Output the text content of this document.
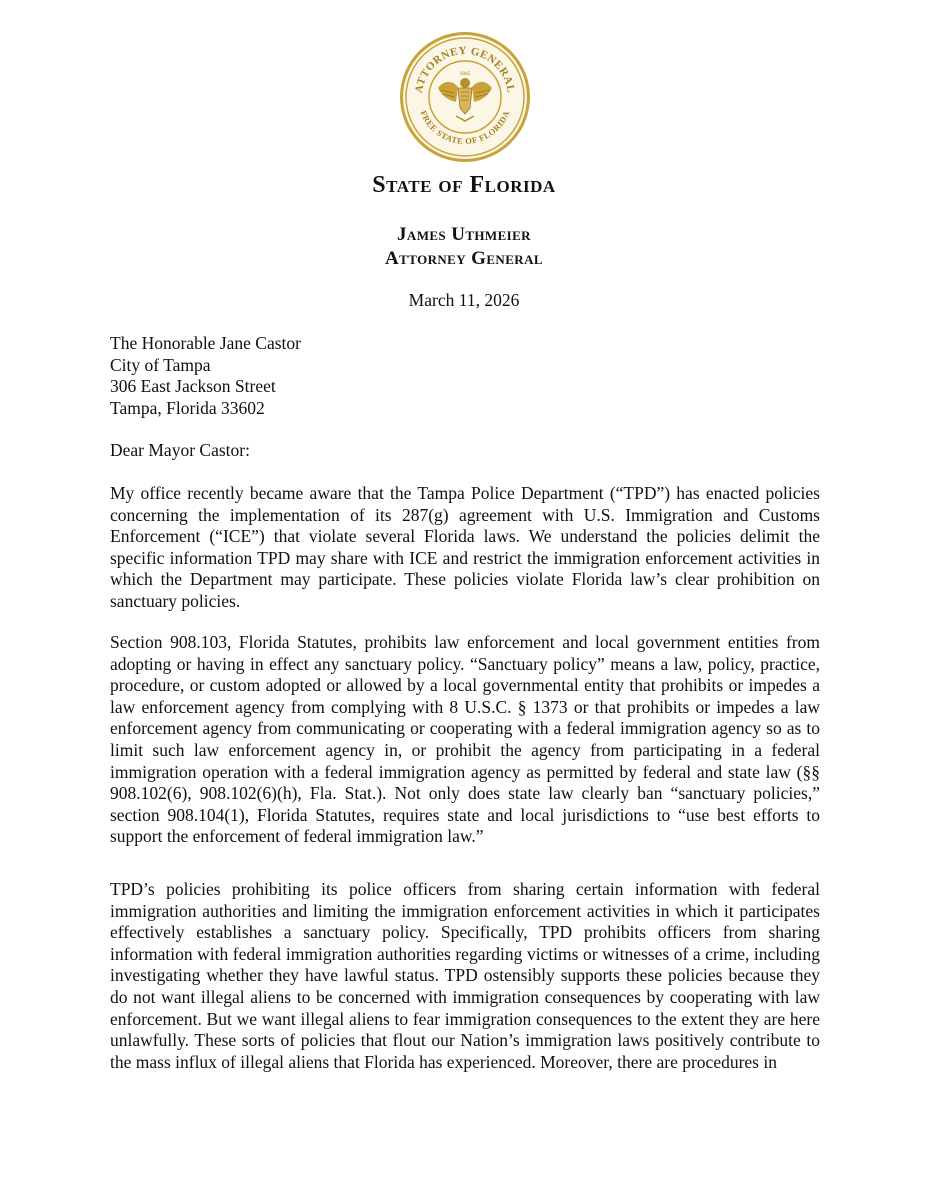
ATTORNEY GENERAL
FREE STATE OF FLORIDA
1845
State of Florida
James Uthmeier
Attorney General
March 11, 2026
The Honorable Jane Castor
City of Tampa
306 East Jackson Street
Tampa, Florida 33602
Dear Mayor Castor:
My office recently became aware that the Tampa Police Department (“TPD”) has enacted policies concerning the implementation of its 287(g) agreement with U.S. Immigration and Customs Enforcement (“ICE”) that violate several Florida laws. We understand the policies delimit the specific information TPD may share with ICE and restrict the immigration enforcement activities in which the Department may participate. These policies violate Florida law’s clear prohibition on sanctuary policies.
Section 908.103, Florida Statutes, prohibits law enforcement and local government entities from adopting or having in effect any sanctuary policy. “Sanctuary policy” means a law, policy, practice, procedure, or custom adopted or allowed by a local governmental entity that prohibits or impedes a law enforcement agency from complying with 8 U.S.C. § 1373 or that prohibits or impedes a law enforcement agency from communicating or cooperating with a federal immigration agency so as to limit such law enforcement agency in, or prohibit the agency from participating in a federal immigration operation with a federal immigration agency as permitted by federal and state law (§§ 908.102(6), 908.102(6)(h), Fla. Stat.). Not only does state law clearly ban “sanctuary policies,” section 908.104(1), Florida Statutes, requires state and local jurisdictions to “use best efforts to support the enforcement of federal immigration law.”
TPD’s policies prohibiting its police officers from sharing certain information with federal immigration authorities and limiting the immigration enforcement activities in which it participates effectively establishes a sanctuary policy. Specifically, TPD prohibits officers from sharing information with federal immigration authorities regarding victims or witnesses of a crime, including investigating whether they have lawful status. TPD ostensibly supports these policies because they do not want illegal aliens to be concerned with immigration consequences by cooperating with law enforcement. But we want illegal aliens to fear immigration consequences to the extent they are here unlawfully. These sorts of policies that flout our Nation’s immigration laws positively contribute to the mass influx of illegal aliens that Florida has experienced. Moreover, there are procedures in
